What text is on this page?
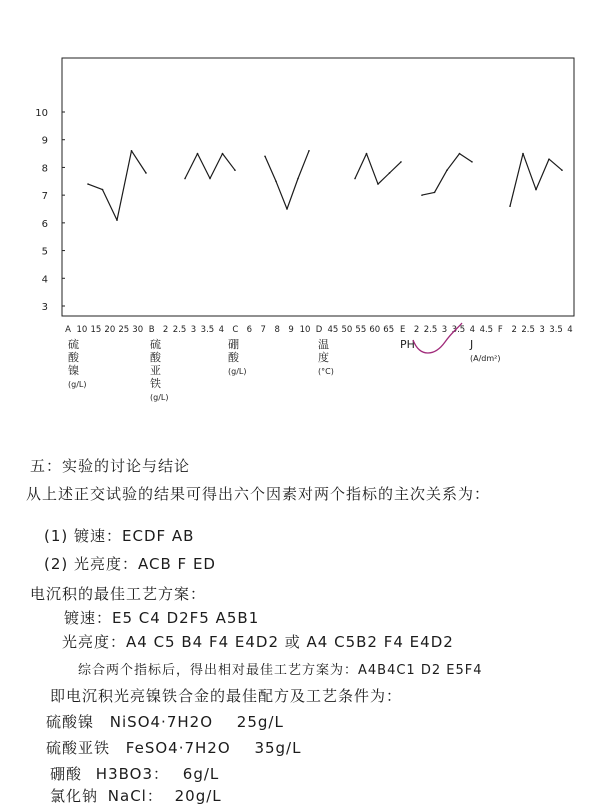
10
9
8
7
6
5
4
3
A 10 15 20 25 30 B 2 2.5 3 3.5 4 C 6 7 8 9 10 D 45 50 55 60 65 E 2 2.5 3 3.5 4 4.5 F 2 2.5 3 3.5 4
硫
酸
镍
(g/L)
硫
酸
亚
铁
(g/L)
硼
酸
(g/L)
温
度
(°C)
PH	J
(A/dm²)
五：实验的讨论与结论
从上述正交试验的结果可得出六个因素对两个指标的主次关系为：
(1) 镀速：ECDF AB
(2) 光亮度：ACB F ED
电沉积的最佳工艺方案：
镀速：E5 C4 D2F5 A5B1
光亮度：A4 C5 B4 F4 E4D2 或 A4 C5B2 F4 E4D2
综合两个指标后，得出相对最佳工艺方案为：A4B4C1 D2 E5F4
即电沉积光亮镍铁合金的最佳配方及工艺条件为：
硫酸镍 NiSO4·7H2O 25g/L
硫酸亚铁 FeSO4·7H2O 35g/L
硼酸 H3BO3： 6g/L
氯化钠 NaCl： 20g/L
